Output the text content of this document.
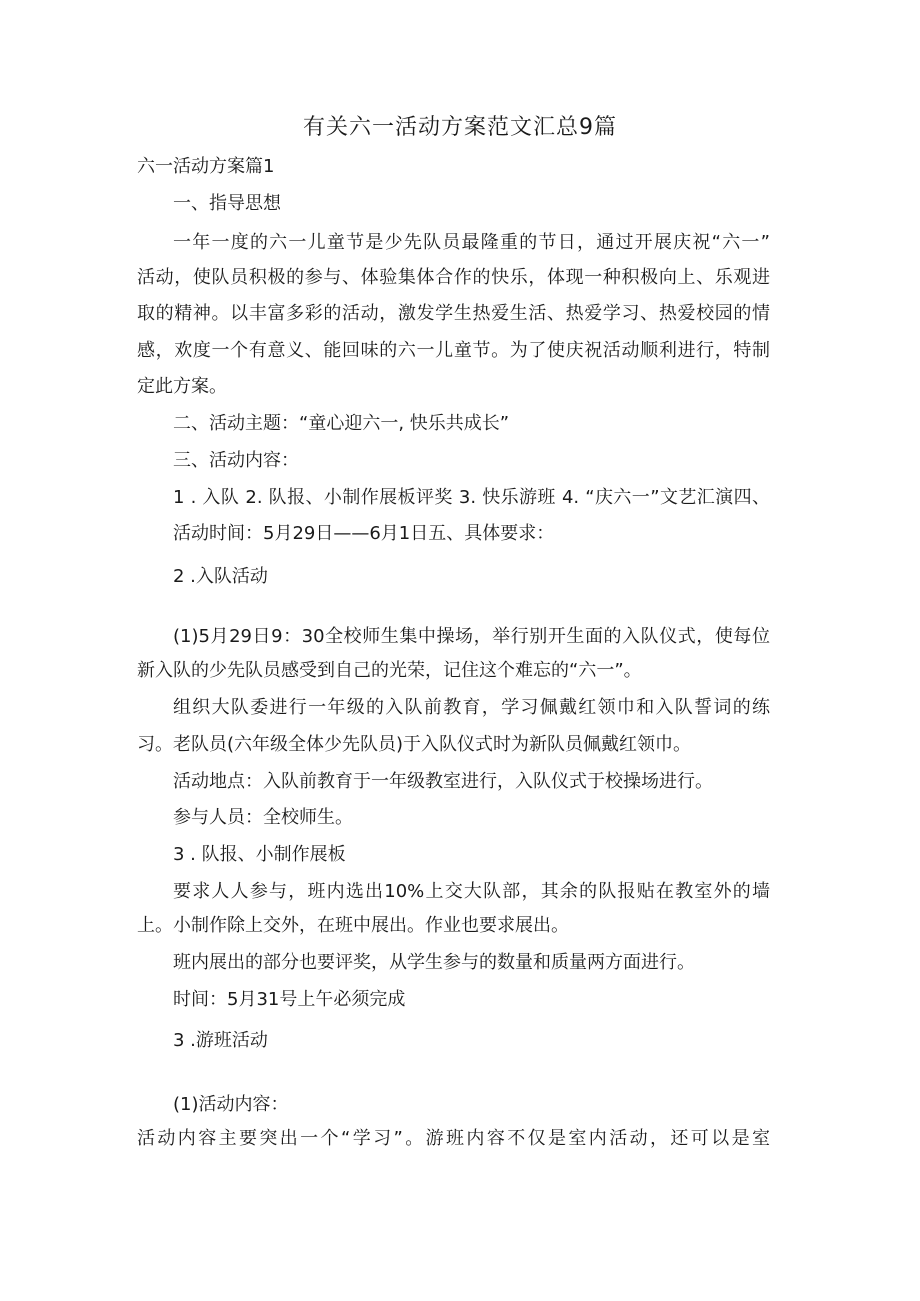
有关六一活动方案范文汇总9篇
六一活动方案篇1
一、指导思想
一年一度的六一儿童节是少先队员最隆重的节日，通过开展庆祝“六一”
活动，使队员积极的参与、体验集体合作的快乐，体现一种积极向上、乐观进
取的精神。以丰富多彩的活动，激发学生热爱生活、热爱学习、热爱校园的情
感，欢度一个有意义、能回味的六一儿童节。为了使庆祝活动顺利进行，特制
定此方案。
二、活动主题：“童心迎六一, 快乐共成长”
三、活动内容：
1 . 入队 2. 队报、小制作展板评奖 3. 快乐游班 4. “庆六一”文艺汇演四、
活动时间：5月29日——6月1日五、具体要求：
2 .入队活动
(1)5月29日9：30全校师生集中操场，举行别开生面的入队仪式，使每位
新入队的少先队员感受到自己的光荣，记住这个难忘的“六一”。
组织大队委进行一年级的入队前教育，学习佩戴红领巾和入队誓词的练
习。老队员(六年级全体少先队员)于入队仪式时为新队员佩戴红领巾。
活动地点：入队前教育于一年级教室进行，入队仪式于校操场进行。
参与人员：全校师生。
3 . 队报、小制作展板
要求人人参与，班内选出10%上交大队部，其余的队报贴在教室外的墙
上。小制作除上交外，在班中展出。作业也要求展出。
班内展出的部分也要评奖，从学生参与的数量和质量两方面进行。
时间：5月31号上午必须完成
3 .游班活动
(1)活动内容：
活动内容主要突出一个“学习”。游班内容不仅是室内活动，还可以是室
